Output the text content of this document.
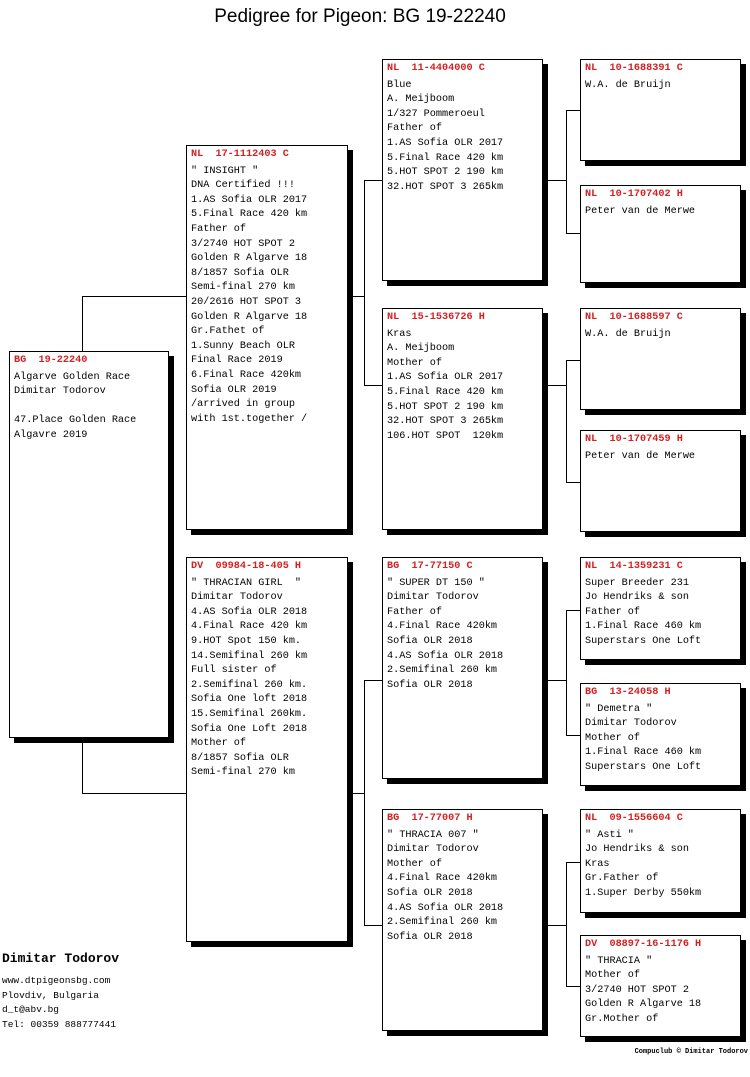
Pedigree for Pigeon: BG 19-22240
BG  19-22240
Algarve Golden Race
Dimitar Todorov
47.Place Golden Race
Algavre 2019
NL  17-1112403 C
" INSIGHT "
DNA Certified !!!
1.AS Sofia OLR 2017
5.Final Race 420 km
Father of
3/2740 HOT SPOT 2
Golden R Algarve 18
8/1857 Sofia OLR
Semi-final 270 km
20/2616 HOT SPOT 3
Golden R Algarve 18
Gr.Fathet of
1.Sunny Beach OLR
Final Race 2019
6.Final Race 420km
Sofia OLR 2019
/arrived in group
with 1st.together /
DV  09984-18-405 H
" THRACIAN GIRL  "
Dimitar Todorov
4.AS Sofia OLR 2018
4.Final Race 420 km
9.HOT Spot 150 km.
14.Semifinal 260 km
Full sister of
2.Semifinal 260 km.
Sofia One loft 2018
15.Semifinal 260km.
Sofia One Loft 2018
Mother of
8/1857 Sofia OLR
Semi-final 270 km
NL  11-4404000 C
Blue
A. Meijboom
1/327 Pommeroeul
Father of
1.AS Sofia OLR 2017
5.Final Race 420 km
5.HOT SPOT 2 190 km
32.HOT SPOT 3 265km
NL  15-1536726 H
Kras
A. Meijboom
Mother of
1.AS Sofia OLR 2017
5.Final Race 420 km
5.HOT SPOT 2 190 km
32.HOT SPOT 3 265km
106.HOT SPOT  120km
BG  17-77150 C
" SUPER DT 150 "
Dimitar Todorov
Father of
4.Final Race 420km
Sofia OLR 2018
4.AS Sofia OLR 2018
2.Semifinal 260 km
Sofia OLR 2018
BG  17-77007 H
" THRACIA 007 "
Dimitar Todorov
Mother of
4.Final Race 420km
Sofia OLR 2018
4.AS Sofia OLR 2018
2.Semifinal 260 km
Sofia OLR 2018
NL  10-1688391 C
W.A. de Bruijn
NL  10-1707402 H
Peter van de Merwe
NL  10-1688597 C
W.A. de Bruijn
NL  10-1707459 H
Peter van de Merwe
NL  14-1359231 C
Super Breeder 231
Jo Hendriks & son
Father of
1.Final Race 460 km
Superstars One Loft
BG  13-24058 H
" Demetra "
Dimitar Todorov
Mother of
1.Final Race 460 km
Superstars One Loft
NL  09-1556604 C
" Asti "
Jo Hendriks & son
Kras
Gr.Father of
1.Super Derby 550km
DV  08897-16-1176 H
" THRACIA "
Mother of
3/2740 HOT SPOT 2
Golden R Algarve 18
Gr.Mother of
Dimitar Todorov
www.dtpigeonsbg.com
Plovdiv, Bulgaria
d_t@abv.bg
Tel: 00359 888777441
Compuclub © Dimitar Todorov
